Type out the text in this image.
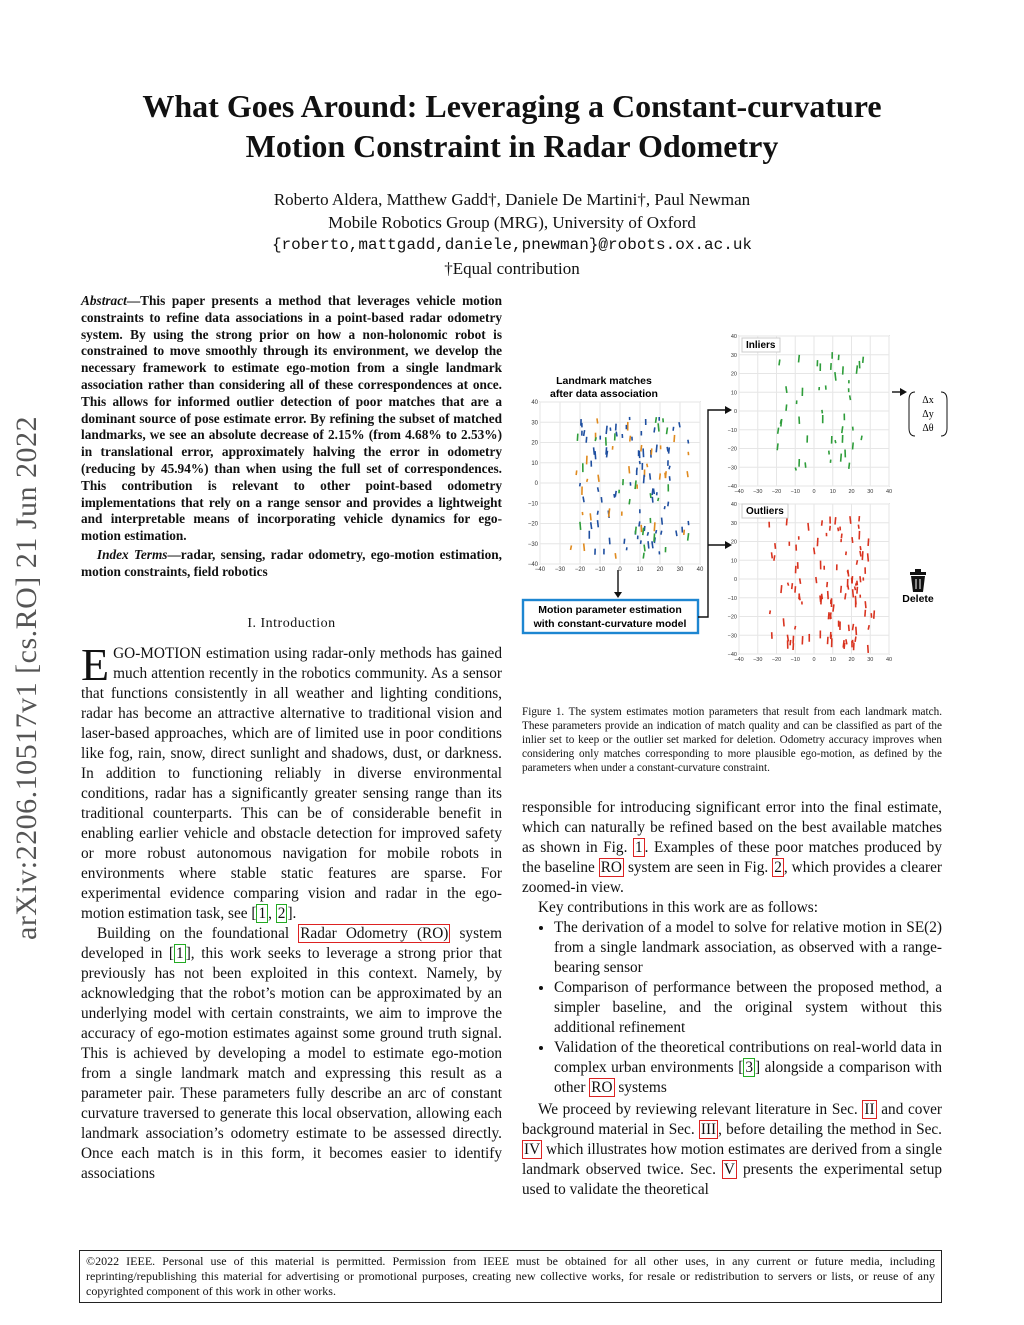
What Goes Around: Leveraging a Constant-curvature
Motion Constraint in Radar Odometry
Roberto Aldera, Matthew Gadd†, Daniele De Martini†, Paul Newman
Mobile Robotics Group (MRG), University of Oxford
{roberto,mattgadd,daniele,pnewman}@robots.ox.ac.uk
†Equal contribution
arXiv:2206.10517v1 [cs.RO] 21 Jun 2022
Abstract—This paper presents a method that leverages vehicle motion constraints to refine data associations in a point-based radar odometry system. By using the strong prior on how a non-holonomic robot is constrained to move smoothly through its environment, we develop the necessary framework to estimate ego-motion from a single landmark association rather than considering all of these correspondences at once. This allows for informed outlier detection of poor matches that are a dominant source of pose estimate error. By refining the subset of matched landmarks, we see an absolute decrease of 2.15% (from 4.68% to 2.53%) in translational error, approximately halving the error in odometry (reducing by 45.94%) than when using the full set of correspondences. This contribution is relevant to other point-based odometry implementations that rely on a range sensor and provides a lightweight and interpretable means of incorporating vehicle dynamics for ego-motion estimation.
Index Terms—radar, sensing, radar odometry, ego-motion estimation, motion constraints, field robotics
I. Introduction

EGO-MOTION estimation using radar-only methods has gained much attention recently in the robotics community. As a sensor that functions consistently in all weather and lighting conditions, radar has become an attractive alternative to traditional vision and laser-based approaches, which are of limited use in poor conditions like fog, rain, snow, direct sunlight and shadows, dust, or darkness. In addition to functioning reliably in diverse environmental conditions, radar has a significantly greater sensing range than its traditional counterparts. This can be of considerable benefit in enabling earlier vehicle and obstacle detection for improved safety or more robust autonomous navigation for mobile robots in environments where stable static features are sparse. For experimental evidence comparing vision and radar in the ego-motion estimation task, see [ 1 , 2 ].

Building on the foundational Radar Odometry (RO) system developed in [ 1 ], this work seeks to leverage a strong prior that previously has not been exploited in this context. Namely, by acknowledging that the robot’s motion can be approximated by an underlying model with certain constraints, we aim to improve the accuracy of ego-motion estimates against some ground truth signal. This is achieved by developing a model to estimate ego-motion from a single landmark match and expressing this result as a parameter pair. These parameters fully describe an arc of constant curvature traversed to generate this local observation, allowing each landmark association’s odometry estimate to be assessed directly. Once each match is in this form, it becomes easier to identify associations

40
−40
30
−30
20
−20
10
−10
0
0
−10
10
−20
20
−30
30
−40
40
Landmark matches
after data association
Motion parameter estimation
with constant-curvature model
40
−40
30
−30
20
−20
10
−10
0
0
−10
10
−20
20
−30
30
−40
40
Inliers
40
−40
30
−30
20
−20
10
−10
0
0
−10
10
−20
20
−30
30
−40
40
Outliers
Δx
Δy
Δθ
Delete
Figure 1. The system estimates motion parameters that result from each landmark match. These parameters provide an indication of match quality and can be classified as part of the inlier set to keep or the outlier set marked for deletion. Odometry accuracy improves when considering only matches corresponding to more plausible ego-motion, as defined by the parameters when under a constant-curvature constraint.

responsible for introducing significant error into the final estimate, which can naturally be refined based on the best available matches as shown in Fig. 1 . Examples of these poor matches produced by the baseline RO system are seen in Fig. 2 , which provides a clearer zoomed-in view.

Key contributions in this work are as follows:

• The derivation of a model to solve for relative motion in SE(2) from a single landmark association, as observed with a range-bearing sensor
• Comparison of performance between the proposed method, a simpler baseline, and the original system without this additional refinement
• Validation of the theoretical contributions on real-world data in complex urban environments [ 3 ] alongside a comparison with other RO systems

We proceed by reviewing relevant literature in Sec. II and cover background material in Sec. III , before detailing the method in Sec. IV which illustrates how motion estimates are derived from a single landmark observed twice. Sec. V presents the experimental setup used to validate the theoretical

©2022 IEEE. Personal use of this material is permitted. Permission from IEEE must be obtained for all other uses, in any current or future media, including reprinting/republishing this material for advertising or promotional purposes, creating new collective works, for resale or redistribution to servers or lists, or reuse of any copyrighted component of this work in other works.
